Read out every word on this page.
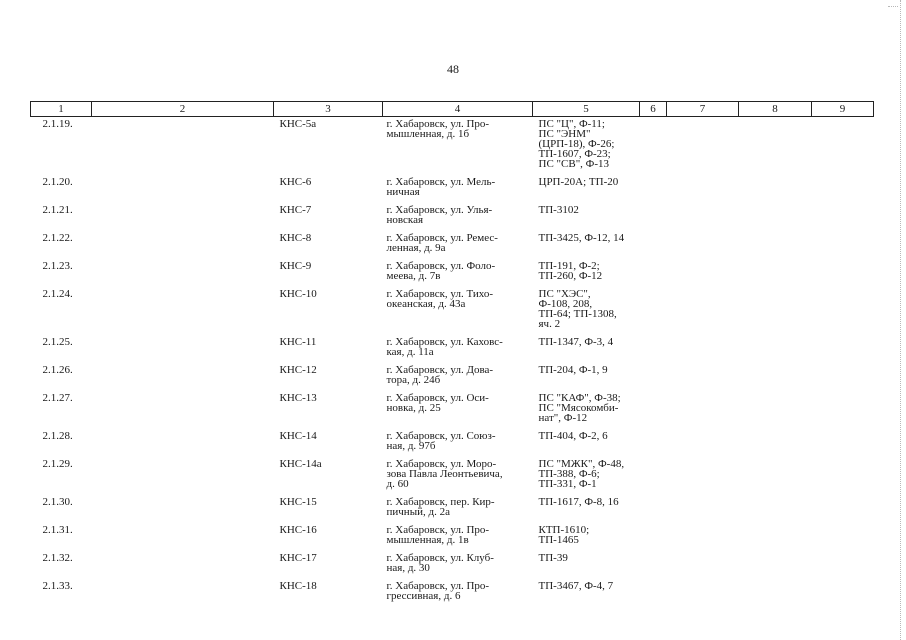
48
1	2	3	4	5	6	7	8	9

2.1.19.		КНС-5а	г. Хабаровск, ул. Про-
мышленная, д. 1б	ПС "Ц", Ф-11;
ПС "ЭНМ"
(ЦРП-18), Ф-26;
ТП-1607, Ф-23;
ПС "СВ", Ф-13				

2.1.20.		КНС-6	г. Хабаровск, ул. Мель-
ничная	ЦРП-20А; ТП-20				

2.1.21.		КНС-7	г. Хабаровск, ул. Улья-
новская	ТП-3102				

2.1.22.		КНС-8	г. Хабаровск, ул. Ремес-
ленная, д. 9а	ТП-3425, Ф-12, 14				

2.1.23.		КНС-9	г. Хабаровск, ул. Фоло-
меева, д. 7в	ТП-191, Ф-2;
ТП-260, Ф-12				

2.1.24.		КНС-10	г. Хабаровск, ул. Тихо-
океанская, д. 43а	ПС "ХЭС",
Ф-108, 208,
ТП-64; ТП-1308,
яч. 2				

2.1.25.		КНС-11	г. Хабаровск, ул. Каховс-
кая, д. 11а	ТП-1347, Ф-3, 4				

2.1.26.		КНС-12	г. Хабаровск, ул. Дова-
тора, д. 24б	ТП-204, Ф-1, 9				

2.1.27.		КНС-13	г. Хабаровск, ул. Оси-
новка, д. 25	ПС "КАФ", Ф-38;
ПС "Мясокомби-
нат", Ф-12				

2.1.28.		КНС-14	г. Хабаровск, ул. Союз-
ная, д. 97б	ТП-404, Ф-2, 6				

2.1.29.		КНС-14а	г. Хабаровск, ул. Моро-
зова Павла Леонтьевича,
д. 60	ПС "МЖК", Ф-48,
ТП-388, Ф-6;
ТП-331, Ф-1				

2.1.30.		КНС-15	г. Хабаровск, пер. Кир-
пичный, д. 2а	ТП-1617, Ф-8, 16				

2.1.31.		КНС-16	г. Хабаровск, ул. Про-
мышленная, д. 1в	КТП-1610;
ТП-1465				

2.1.32.		КНС-17	г. Хабаровск, ул. Клуб-
ная, д. 30	ТП-39				

2.1.33.		КНС-18	г. Хабаровск, ул. Про-
грессивная, д. 6	ТП-3467, Ф-4, 7				
